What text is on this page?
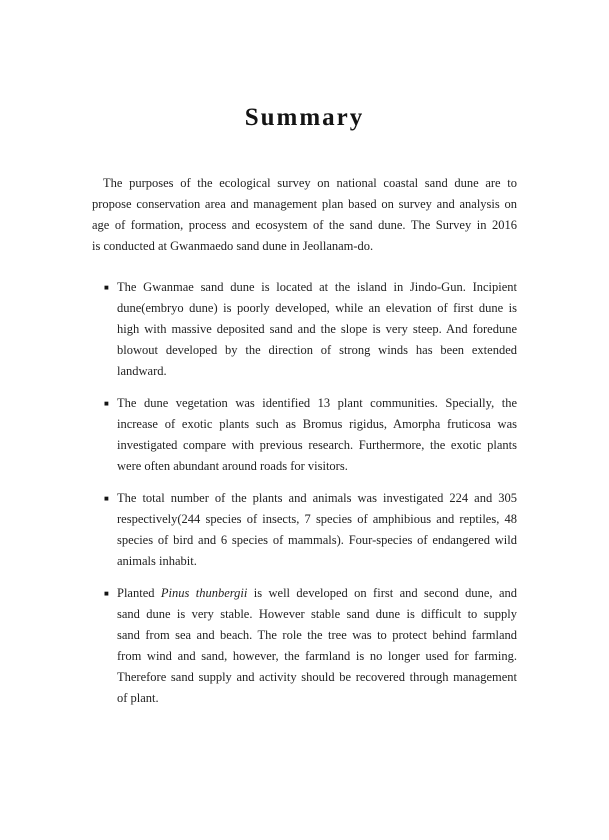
Summary
The purposes of the ecological survey on national coastal sand dune are to
propose conservation area and management plan based on survey and analysis on
age of formation, process and ecosystem of the sand dune. The Survey in 2016
is conducted at Gwanmaedo sand dune in Jeollanam-do.
■ The Gwanmae sand dune is located at the island in Jindo-Gun. Incipient
dune(embryo dune) is poorly developed, while an elevation of first dune is
high with massive deposited sand and the slope is very steep. And foredune
blowout developed by the direction of strong winds has been extended
landward.
■ The dune vegetation was identified 13 plant communities. Specially, the
increase of exotic plants such as Bromus rigidus, Amorpha fruticosa was
investigated compare with previous research. Furthermore, the exotic plants
were often abundant around roads for visitors.
■ The total number of the plants and animals was investigated 224 and 305
respectively(244 species of insects, 7 species of amphibious and reptiles, 48
species of bird and 6 species of mammals). Four-species of endangered wild
animals inhabit.
■ Planted Pinus thunbergii is well developed on first and second dune, and
sand dune is very stable. However stable sand dune is difficult to supply
sand from sea and beach. The role the tree was to protect behind farmland
from wind and sand, however, the farmland is no longer used for farming.
Therefore sand supply and activity should be recovered through management
of plant.
